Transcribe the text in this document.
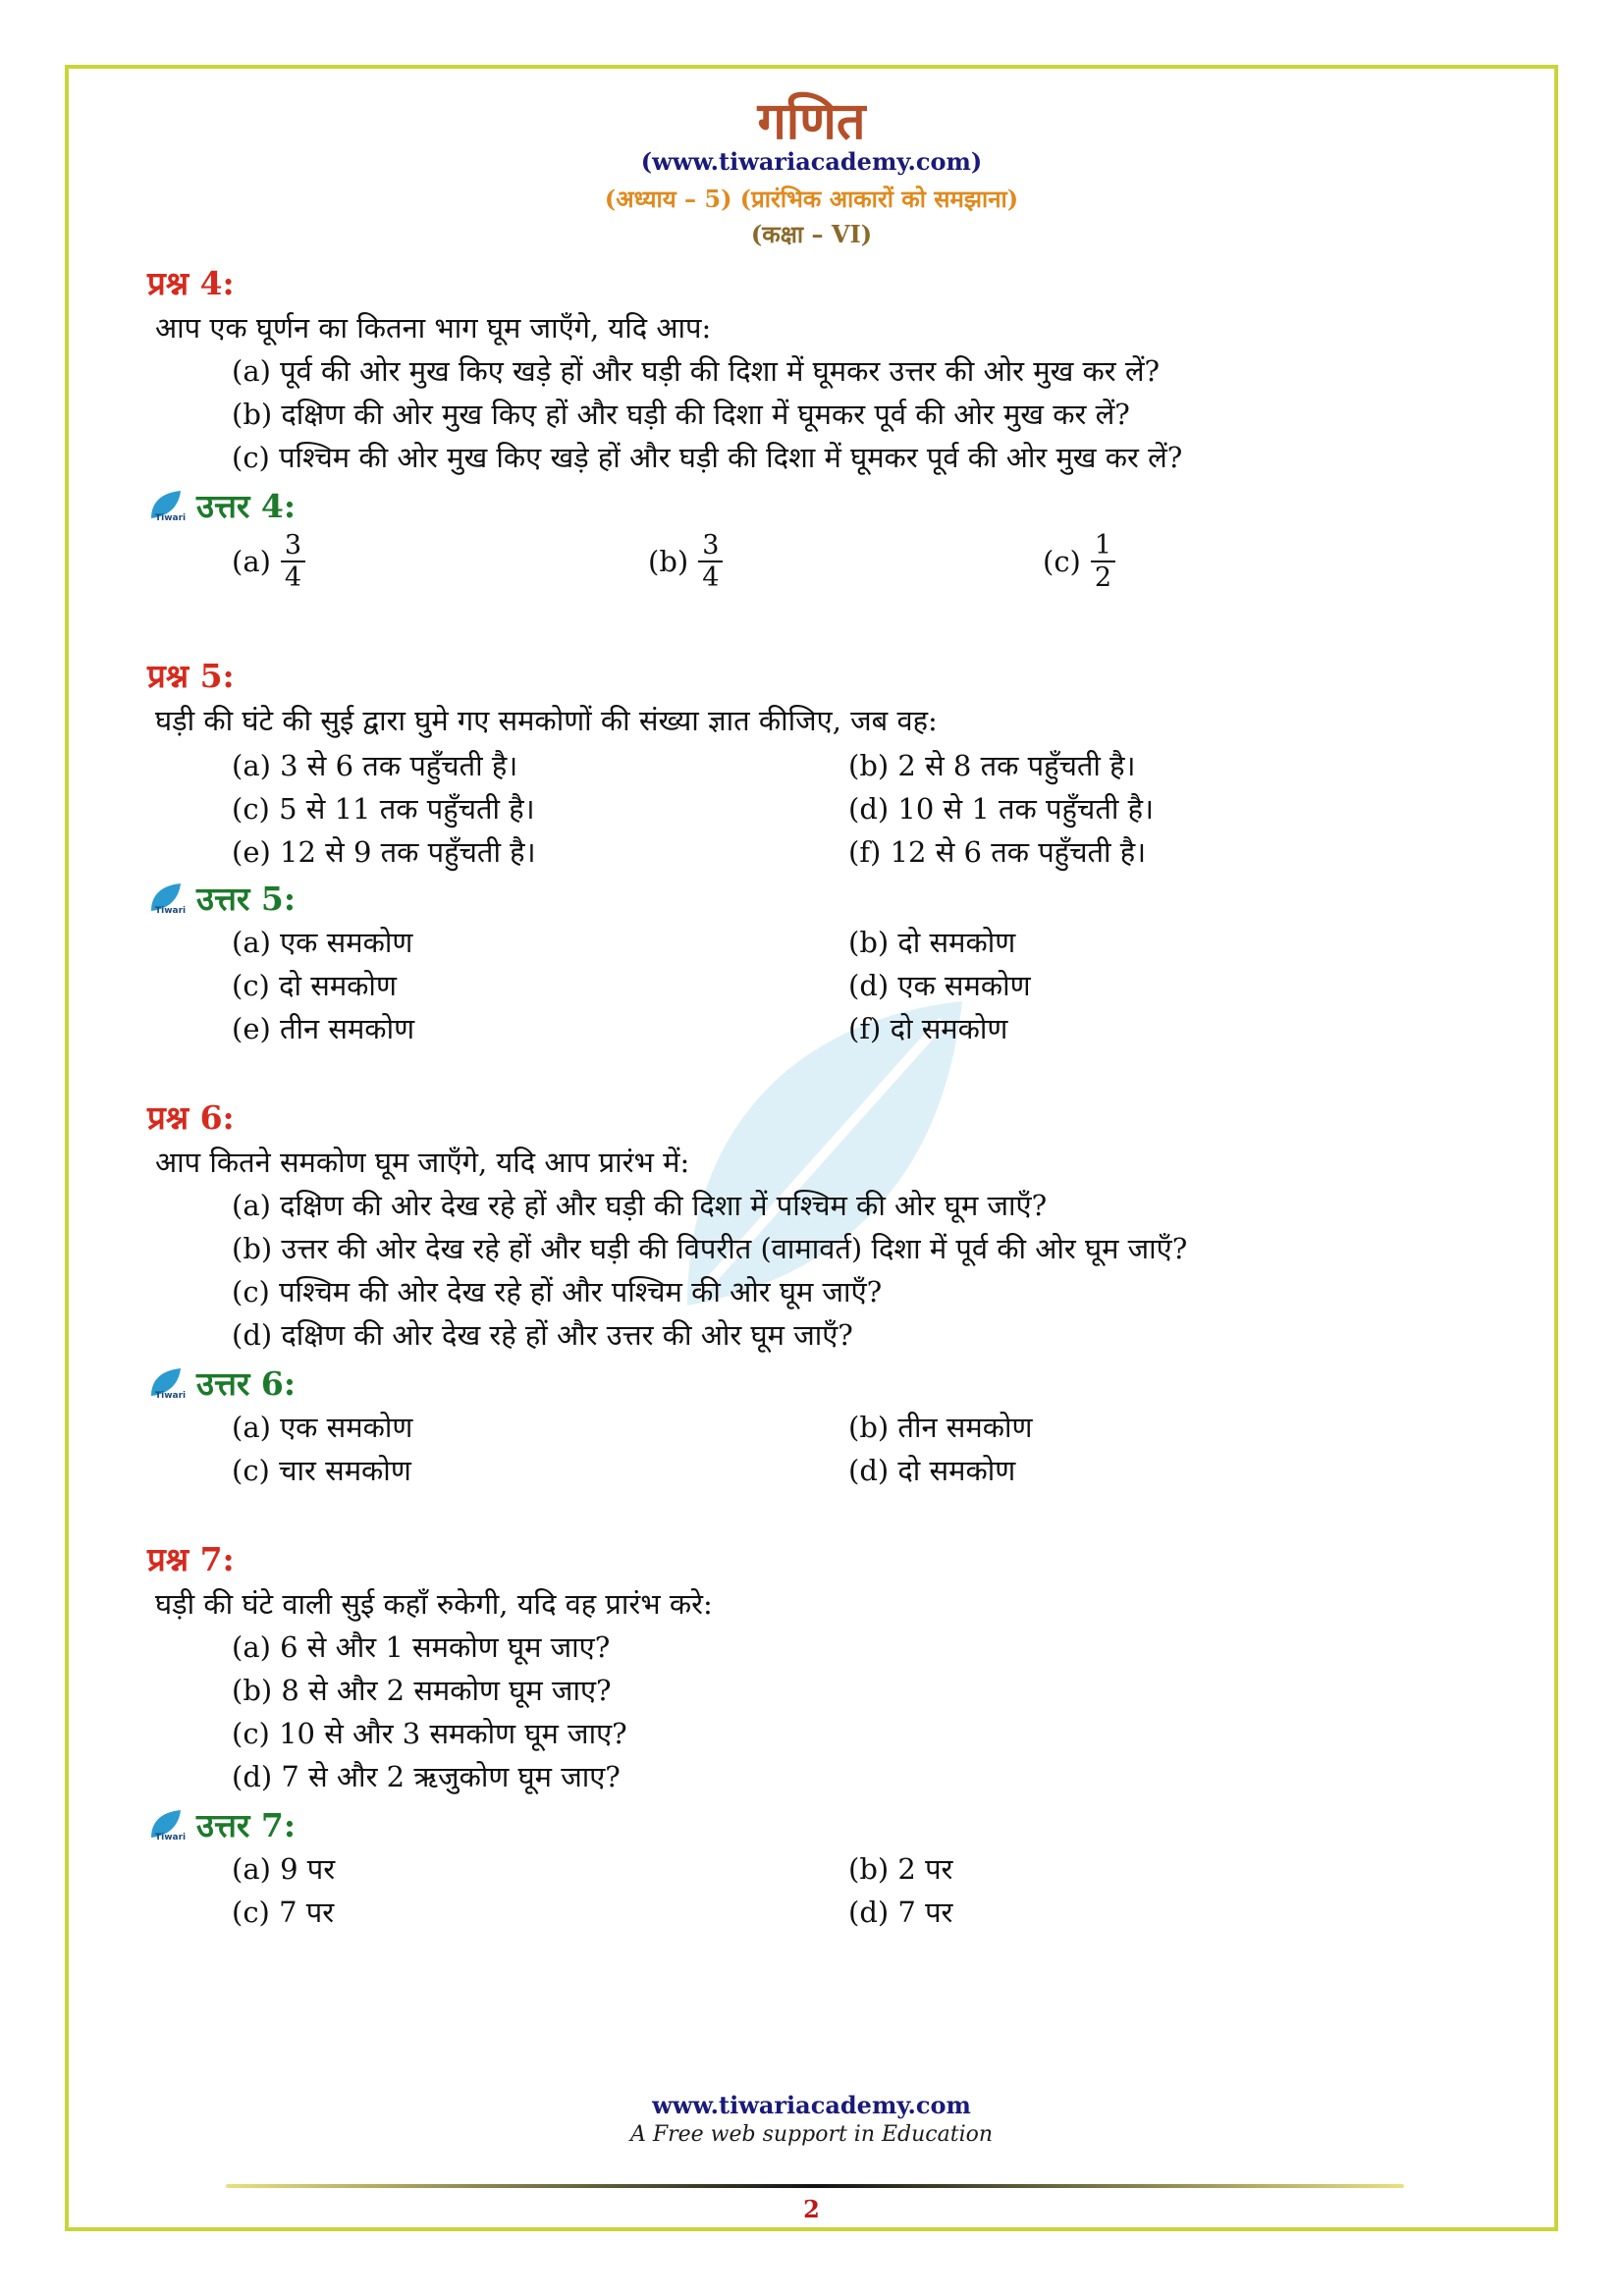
गणित
(www.tiwariacademy.com)
(अध्याय – 5) (प्रारंभिक आकारों को समझाना)
(कक्षा – VI)
प्रश्न 4:
आप एक घूर्णन का कितना भाग घूम जाएँगे, यदि आप:
(a) पूर्व की ओर मुख किए खड़े हों और घड़ी की दिशा में घूमकर उत्तर की ओर मुख कर लें?
(b) दक्षिण की ओर मुख किए हों और घड़ी की दिशा में घूमकर पूर्व की ओर मुख कर लें?
(c) पश्चिम की ओर मुख किए खड़े हों और घड़ी की दिशा में घूमकर पूर्व की ओर मुख कर लें?
Tiwari उत्तर 4:
$(a) \frac{3}{4}$	$(b) \frac{3}{4}$	$(c) \frac{1}{2}$
प्रश्न 5:
घड़ी की घंटे की सुई द्वारा घुमे गए समकोणों की संख्या ज्ञात कीजिए, जब वह:
(a) 3 से 6 तक पहुँचती है।	(b) 2 से 8 तक पहुँचती है।
(c) 5 से 11 तक पहुँचती है।	(d) 10 से 1 तक पहुँचती है।
(e) 12 से 9 तक पहुँचती है।	(f) 12 से 6 तक पहुँचती है।
Tiwari उत्तर 5:
(a) एक समकोण	(b) दो समकोण
(c) दो समकोण	(d) एक समकोण
(e) तीन समकोण	(f) दो समकोण
प्रश्न 6:
आप कितने समकोण घूम जाएँगे, यदि आप प्रारंभ में:
(a) दक्षिण की ओर देख रहे हों और घड़ी की दिशा में पश्चिम की ओर घूम जाएँ?
(b) उत्तर की ओर देख रहे हों और घड़ी की विपरीत (वामावर्त) दिशा में पूर्व की ओर घूम जाएँ?
(c) पश्चिम की ओर देख रहे हों और पश्चिम की ओर घूम जाएँ?
(d) दक्षिण की ओर देख रहे हों और उत्तर की ओर घूम जाएँ?
Tiwari उत्तर 6:
(a) एक समकोण	(b) तीन समकोण
(c) चार समकोण	(d) दो समकोण
प्रश्न 7:
घड़ी की घंटे वाली सुई कहाँ रुकेगी, यदि वह प्रारंभ करे:
(a) 6 से और 1 समकोण घूम जाए?
(b) 8 से और 2 समकोण घूम जाए?
(c) 10 से और 3 समकोण घूम जाए?
(d) 7 से और 2 ऋजुकोण घूम जाए?
Tiwari उत्तर 7:
(a) 9 पर	(b) 2 पर
(c) 7 पर	(d) 7 पर
www.tiwariacademy.com
A Free web support in Education
2
